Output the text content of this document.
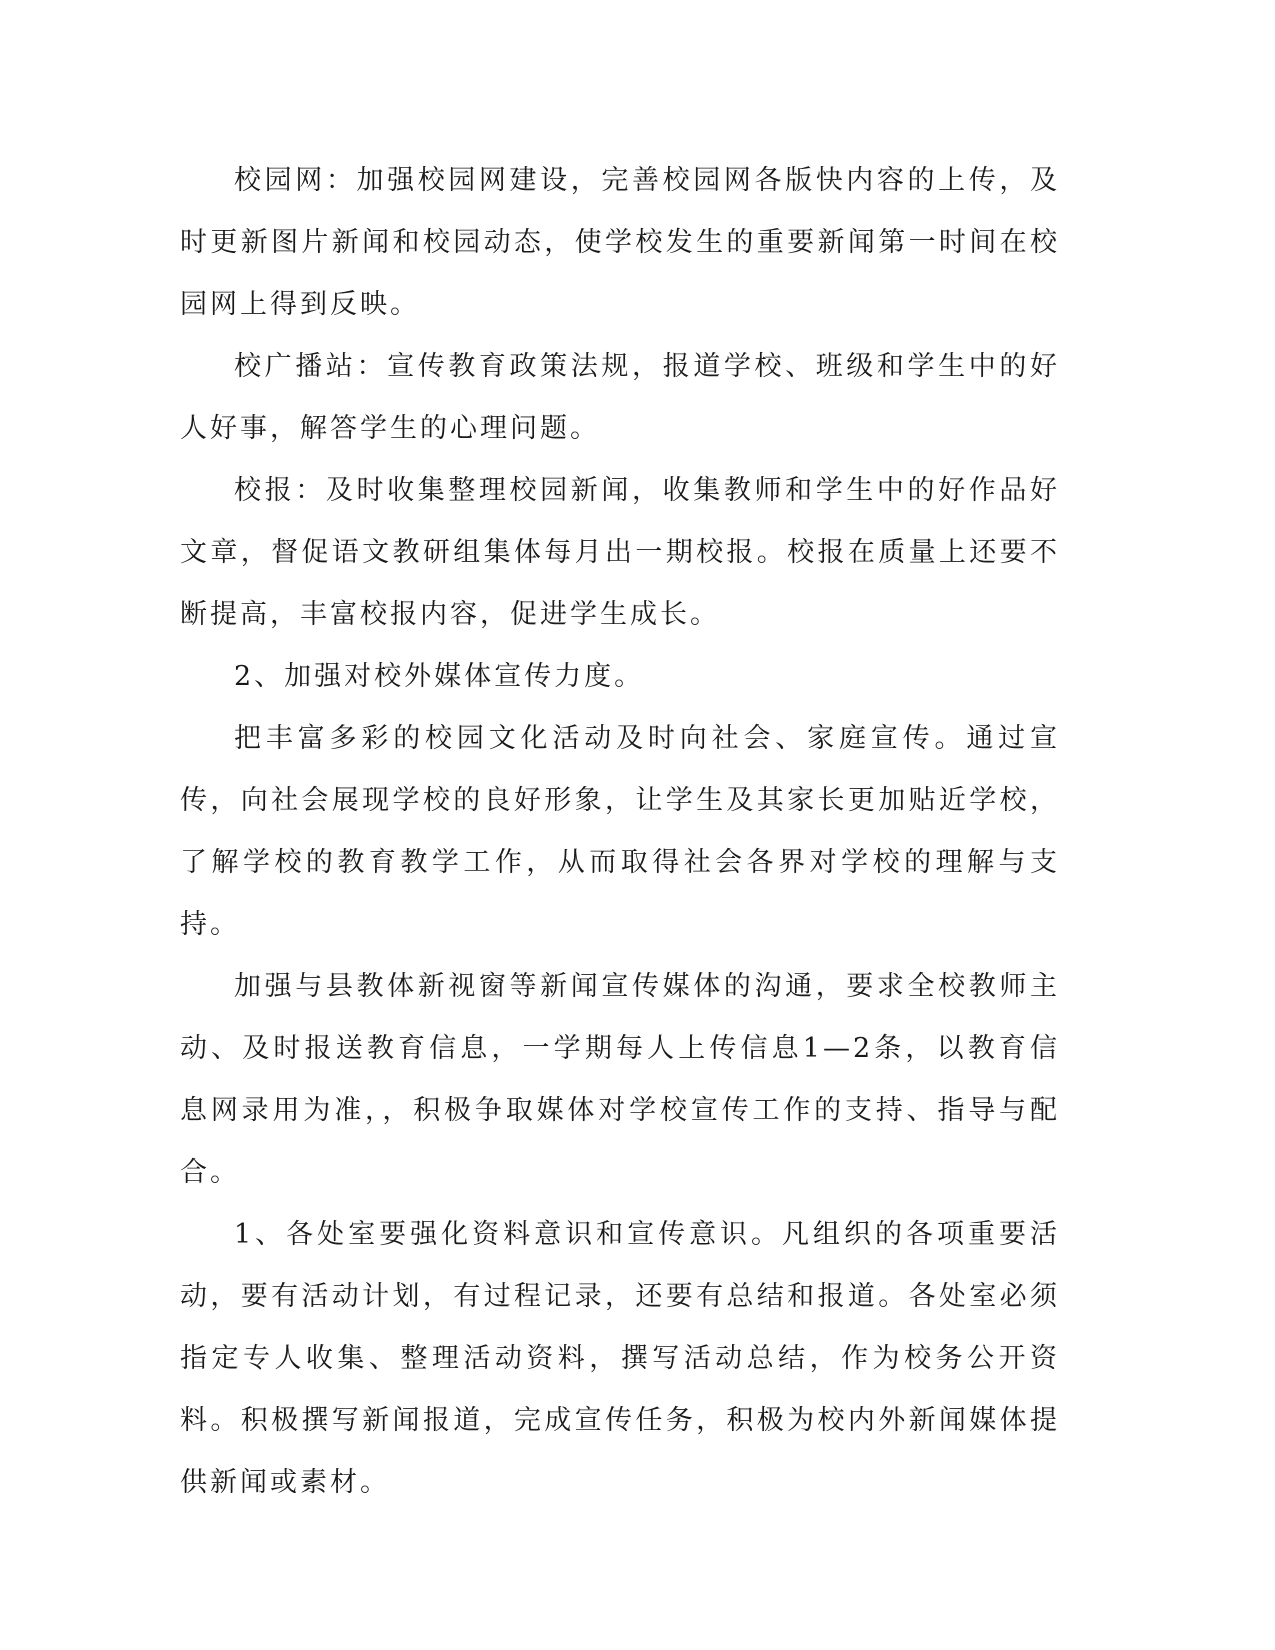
校园网：加强校园网建设，完善校园网各版快内容的上传，及时更新图片新闻和校园动态，使学校发生的重要新闻第一时间在校园网上得到反映。

校广播站：宣传教育政策法规，报道学校、班级和学生中的好人好事，解答学生的心理问题。

校报：及时收集整理校园新闻，收集教师和学生中的好作品好文章，督促语文教研组集体每月出一期校报。校报在质量上还要不断提高，丰富校报内容，促进学生成长。

2、加强对校外媒体宣传力度。

把丰富多彩的校园文化活动及时向社会、家庭宣传。通过宣传，向社会展现学校的良好形象，让学生及其家长更加贴近学校，了解学校的教育教学工作，从而取得社会各界对学校的理解与支持。

加强与县教体新视窗等新闻宣传媒体的沟通，要求全校教师主动、及时报送教育信息，一学期每人上传信息1—2条，以教育信息网录用为准，，积极争取媒体对学校宣传工作的支持、指导与配合。

1、各处室要强化资料意识和宣传意识。凡组织的各项重要活动，要有活动计划，有过程记录，还要有总结和报道。各处室必须指定专人收集、整理活动资料，撰写活动总结，作为校务公开资料。积极撰写新闻报道，完成宣传任务，积极为校内外新闻媒体提供新闻或素材。
